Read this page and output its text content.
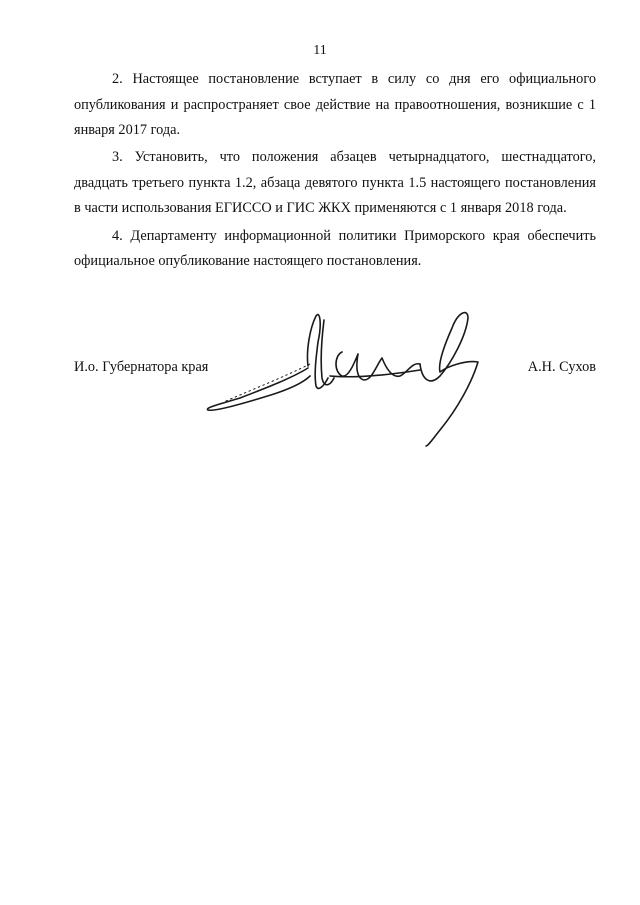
11

2. Настоящее постановление вступает в силу со дня его официального опубликования и распространяет свое действие на правоотношения, возникшие с 1 января 2017 года.

3. Установить, что положения абзацев четырнадцатого, шестнадцатого, двадцать третьего пункта 1.2, абзаца девятого пункта 1.5 настоящего постановления в части использования ЕГИССО и ГИС ЖКХ применяются с 1 января 2018 года.

4. Департаменту информационной политики Приморского края обеспечить официальное опубликование настоящего постановления.

И.о. Губернатора края	А.Н. Сухов
